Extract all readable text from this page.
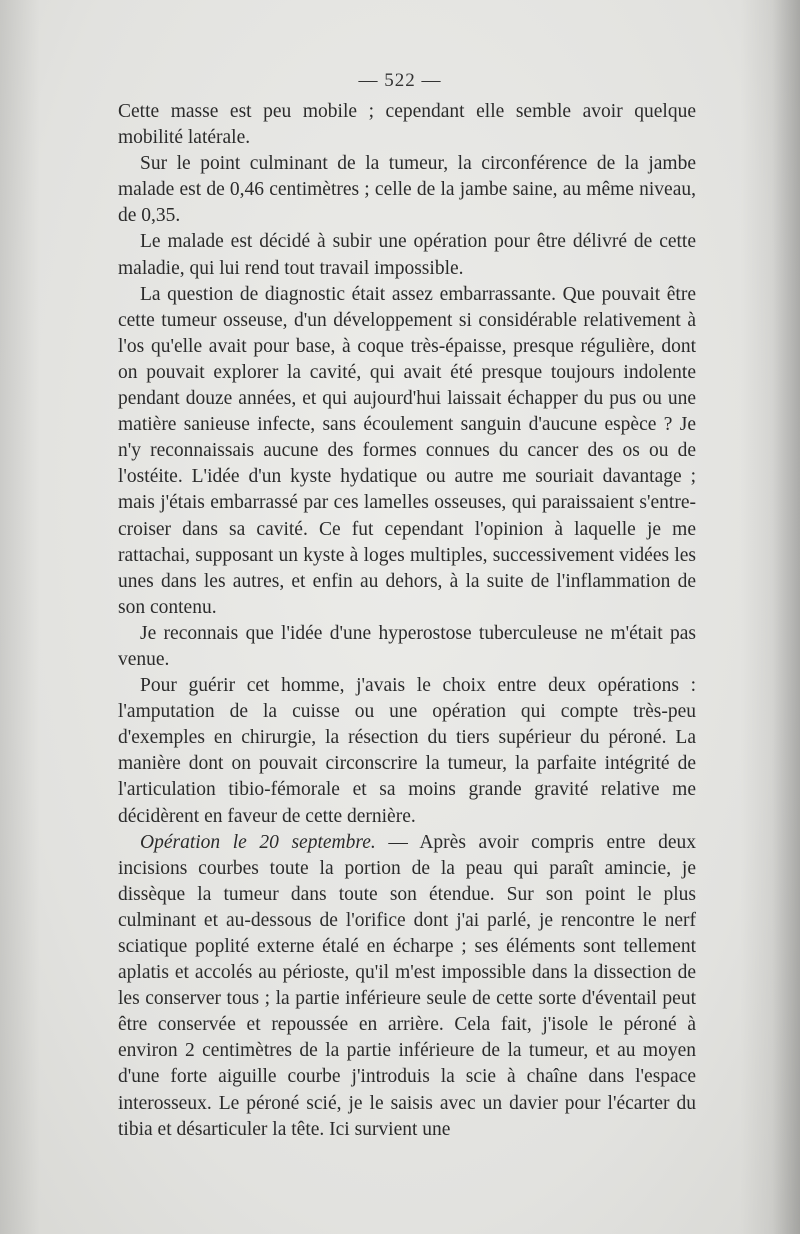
— 522 —

Cette masse est peu mobile ; cependant elle semble avoir quelque mobilité latérale.

Sur le point culminant de la tumeur, la circonférence de la jambe malade est de 0,46 centimètres ; celle de la jambe saine, au même niveau, de 0,35.

Le malade est décidé à subir une opération pour être délivré de cette maladie, qui lui rend tout travail impossible.

La question de diagnostic était assez embarrassante. Que pouvait être cette tumeur osseuse, d'un développement si considérable relativement à l'os qu'elle avait pour base, à coque très-épaisse, presque régulière, dont on pouvait explorer la cavité, qui avait été presque toujours indolente pendant douze années, et qui aujourd'hui laissait échapper du pus ou une matière sanieuse infecte, sans écoulement sanguin d'aucune espèce ? Je n'y reconnaissais aucune des formes connues du cancer des os ou de l'ostéite. L'idée d'un kyste hydatique ou autre me souriait davantage ; mais j'étais embarrassé par ces lamelles osseuses, qui paraissaient s'entre-croiser dans sa cavité. Ce fut cependant l'opinion à laquelle je me rattachai, supposant un kyste à loges multiples, successivement vidées les unes dans les autres, et enfin au dehors, à la suite de l'inflammation de son contenu.

Je reconnais que l'idée d'une hyperostose tuberculeuse ne m'était pas venue.

Pour guérir cet homme, j'avais le choix entre deux opérations : l'amputation de la cuisse ou une opération qui compte très-peu d'exemples en chirurgie, la résection du tiers supérieur du péroné. La manière dont on pouvait circonscrire la tumeur, la parfaite intégrité de l'articulation tibio-fémorale et sa moins grande gravité relative me décidèrent en faveur de cette dernière.

Opération le 20 septembre. — Après avoir compris entre deux incisions courbes toute la portion de la peau qui paraît amincie, je dissèque la tumeur dans toute son étendue. Sur son point le plus culminant et au-dessous de l'orifice dont j'ai parlé, je rencontre le nerf sciatique poplité externe étalé en écharpe ; ses éléments sont tellement aplatis et accolés au périoste, qu'il m'est impossible dans la dissection de les conserver tous ; la partie inférieure seule de cette sorte d'éventail peut être conservée et repoussée en arrière. Cela fait, j'isole le péroné à environ 2 centimètres de la partie inférieure de la tumeur, et au moyen d'une forte aiguille courbe j'introduis la scie à chaîne dans l'espace interosseux. Le péroné scié, je le saisis avec un davier pour l'écarter du tibia et désarticuler la tête. Ici survient une
